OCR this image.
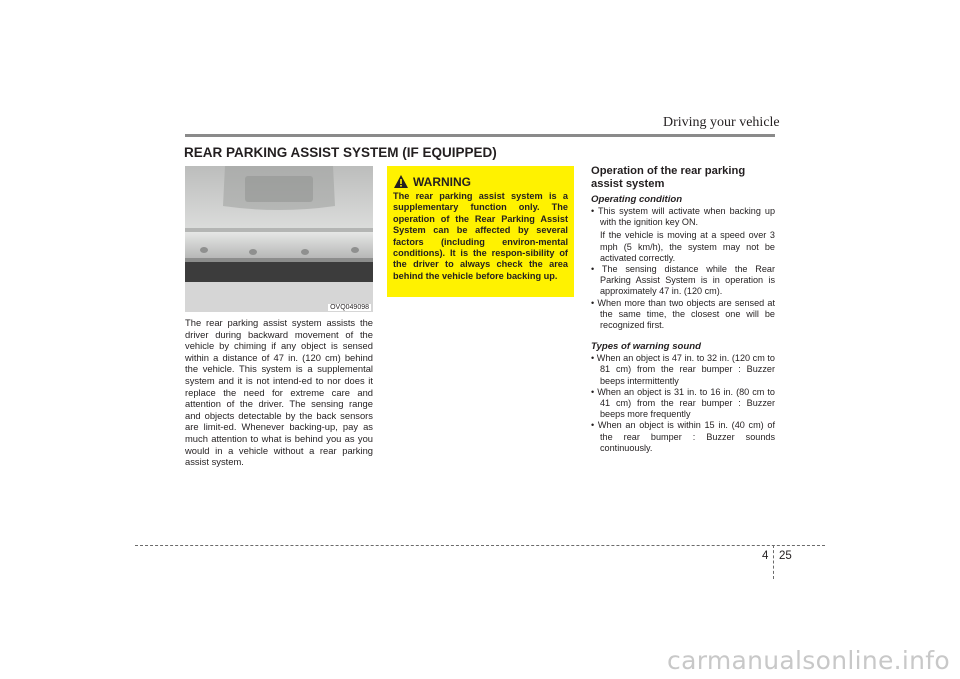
Driving your vehicle
REAR PARKING ASSIST SYSTEM (IF EQUIPPED)
OVQ049098

The rear parking assist system assists the driver during backward movement of the vehicle by chiming if any object is sensed within a distance of 47 in. (120 cm) behind the vehicle. This system is a supplemental system and it is not intend-ed to nor does it replace the need for extreme care and attention of the driver. The sensing range and objects detectable by the back sensors are limit-ed. Whenever backing-up, pay as much attention to what is behind you as you would in a vehicle without a rear parking assist system.

WARNING

The rear parking assist system is a supplementary function only. The operation of the Rear Parking Assist System can be affected by several factors (including environ-mental conditions). It is the respon-sibility of the driver to always check the area behind the vehicle before backing up.

Operation of the rear parking assist system

Operating condition

• This system will activate when backing up with the ignition key ON.
If the vehicle is moving at a speed over 3 mph (5 km/h), the system may not be activated correctly.
• The sensing distance while the Rear Parking Assist System is in operation is approximately 47 in. (120 cm).
• When more than two objects are sensed at the same time, the closest one will be recognized first.

Types of warning sound

• When an object is 47 in. to 32 in. (120 cm to 81 cm) from the rear bumper : Buzzer beeps intermittently
• When an object is 31 in. to 16 in. (80 cm to 41 cm) from the rear bumper : Buzzer beeps more frequently
• When an object is within 15 in. (40 cm) of the rear bumper : Buzzer sounds continuously.
4 25
carmanualsonline.info
